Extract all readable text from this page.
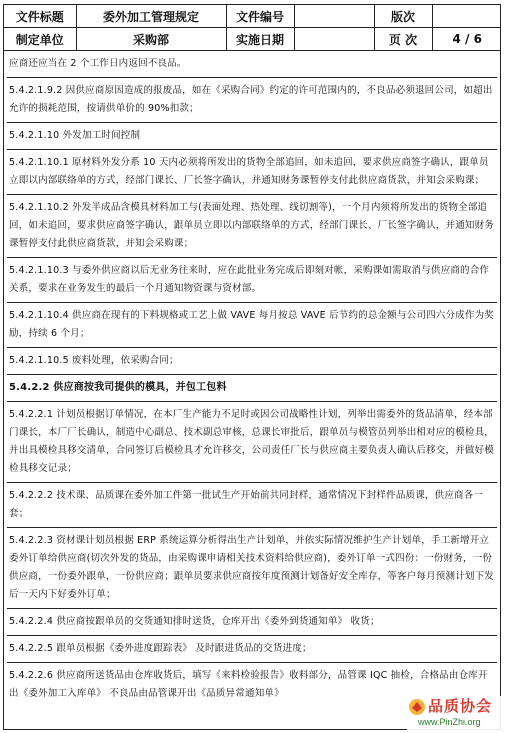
文件标题	委外加工管理规定	文件编号		版次	
制定单位	采购部	实施日期		页 次	4 / 6
应商还应当在 2 个工作日内返回不良品。
5.4.2.1.9.2 因供应商原因造成的报废品，如在《采购合同》约定的许可范围内的，不良品必须退回公司，如超出允许的损耗范围，按请供单价的 90%扣款；
5.4.2.1.10 外发加工时间控制
5.4.2.1.10.1 原材料外发分系 10 天内必须将所发出的货物全部追回，如未追回，要求供应商签字确认，跟单员立即以内部联络单的方式，经部门课长、厂长签字确认，并通知财务课暂停支付此供应商货款，并知会采购课；
5.4.2.1.10.2 外发半成品含模具材料加工与(表面处理、热处理、线切割等)，一个月内须将所发出的货物全部追回，如未追回，要求供应商签字确认，跟单员立即以内部联络单的方式，经部门课长、厂长签字确认，并通知财务课暂停支付此供应商货款，并知会采购课；
5.4.2.1.10.3 与委外供应商以后无业务往来时，应在此批业务完成后即刻对帐，采购课如需取消与供应商的合作关系，要求在业务发生的最后一个月通知物资课与资材部。
5.4.2.1.10.4 供应商在现有的下料规格或工艺上做 VAVE 每月按总 VAVE 后节约的总金额与公司四六分成作为奖励，持续 6 个月；
5.4.2.1.10.5 废料处理，依采购合同；
5.4.2.2 供应商按我司提供的模具，并包工包料
5.4.2.2.1 计划员根据订单情况，在本厂生产能力不足时或因公司战略性计划，列举出需委外的货品清单，经本部门课长，本厂厂长确认，制造中心副总、技术副总审核，总课长审批后，跟单员与模管员列举出相对应的模检具，并出具模检具移交清单，合同签订后模检具才允许移交，公司责任厂长与供应商主要负责人确认后移交，并做好模检具移交记录；
5.4.2.2.2 技术课、品质课在委外加工件第一批试生产开始前共同封样，通常情况下封样件品质课，供应商各一套；
5.4.2.2.3 资材课计划员根据 ERP 系统运算分析得出生产计划单，并依实际情况维护生产计划单，手工新增开立委外订单给供应商(切次外发的货品，由采购课申请相关技术资料给供应商)，委外订单一式四份：一份财务，一份供应商，一份委外跟单，一份供应商；跟单员要求供应商按年度预测计划备好安全库存，等客户每月预测计划下发后一天内下好委外订单；
5.4.2.2.4 供应商按跟单员的交货通知排时送货，仓库开出《委外到货通知单》 收货；
5.4.2.2.5 跟单员根据《委外进度跟踪表》 及时跟进货品的交货进度；
5.4.2.2.6 供应商所送货品由仓库收货后，填写《来料检验报告》收料部分，品管课 IQC 抽检，合格品由仓库开出《委外加工入库单》 不良品由品管课开出《品质异常通知单》
品质协会
www.PinZhi.org
